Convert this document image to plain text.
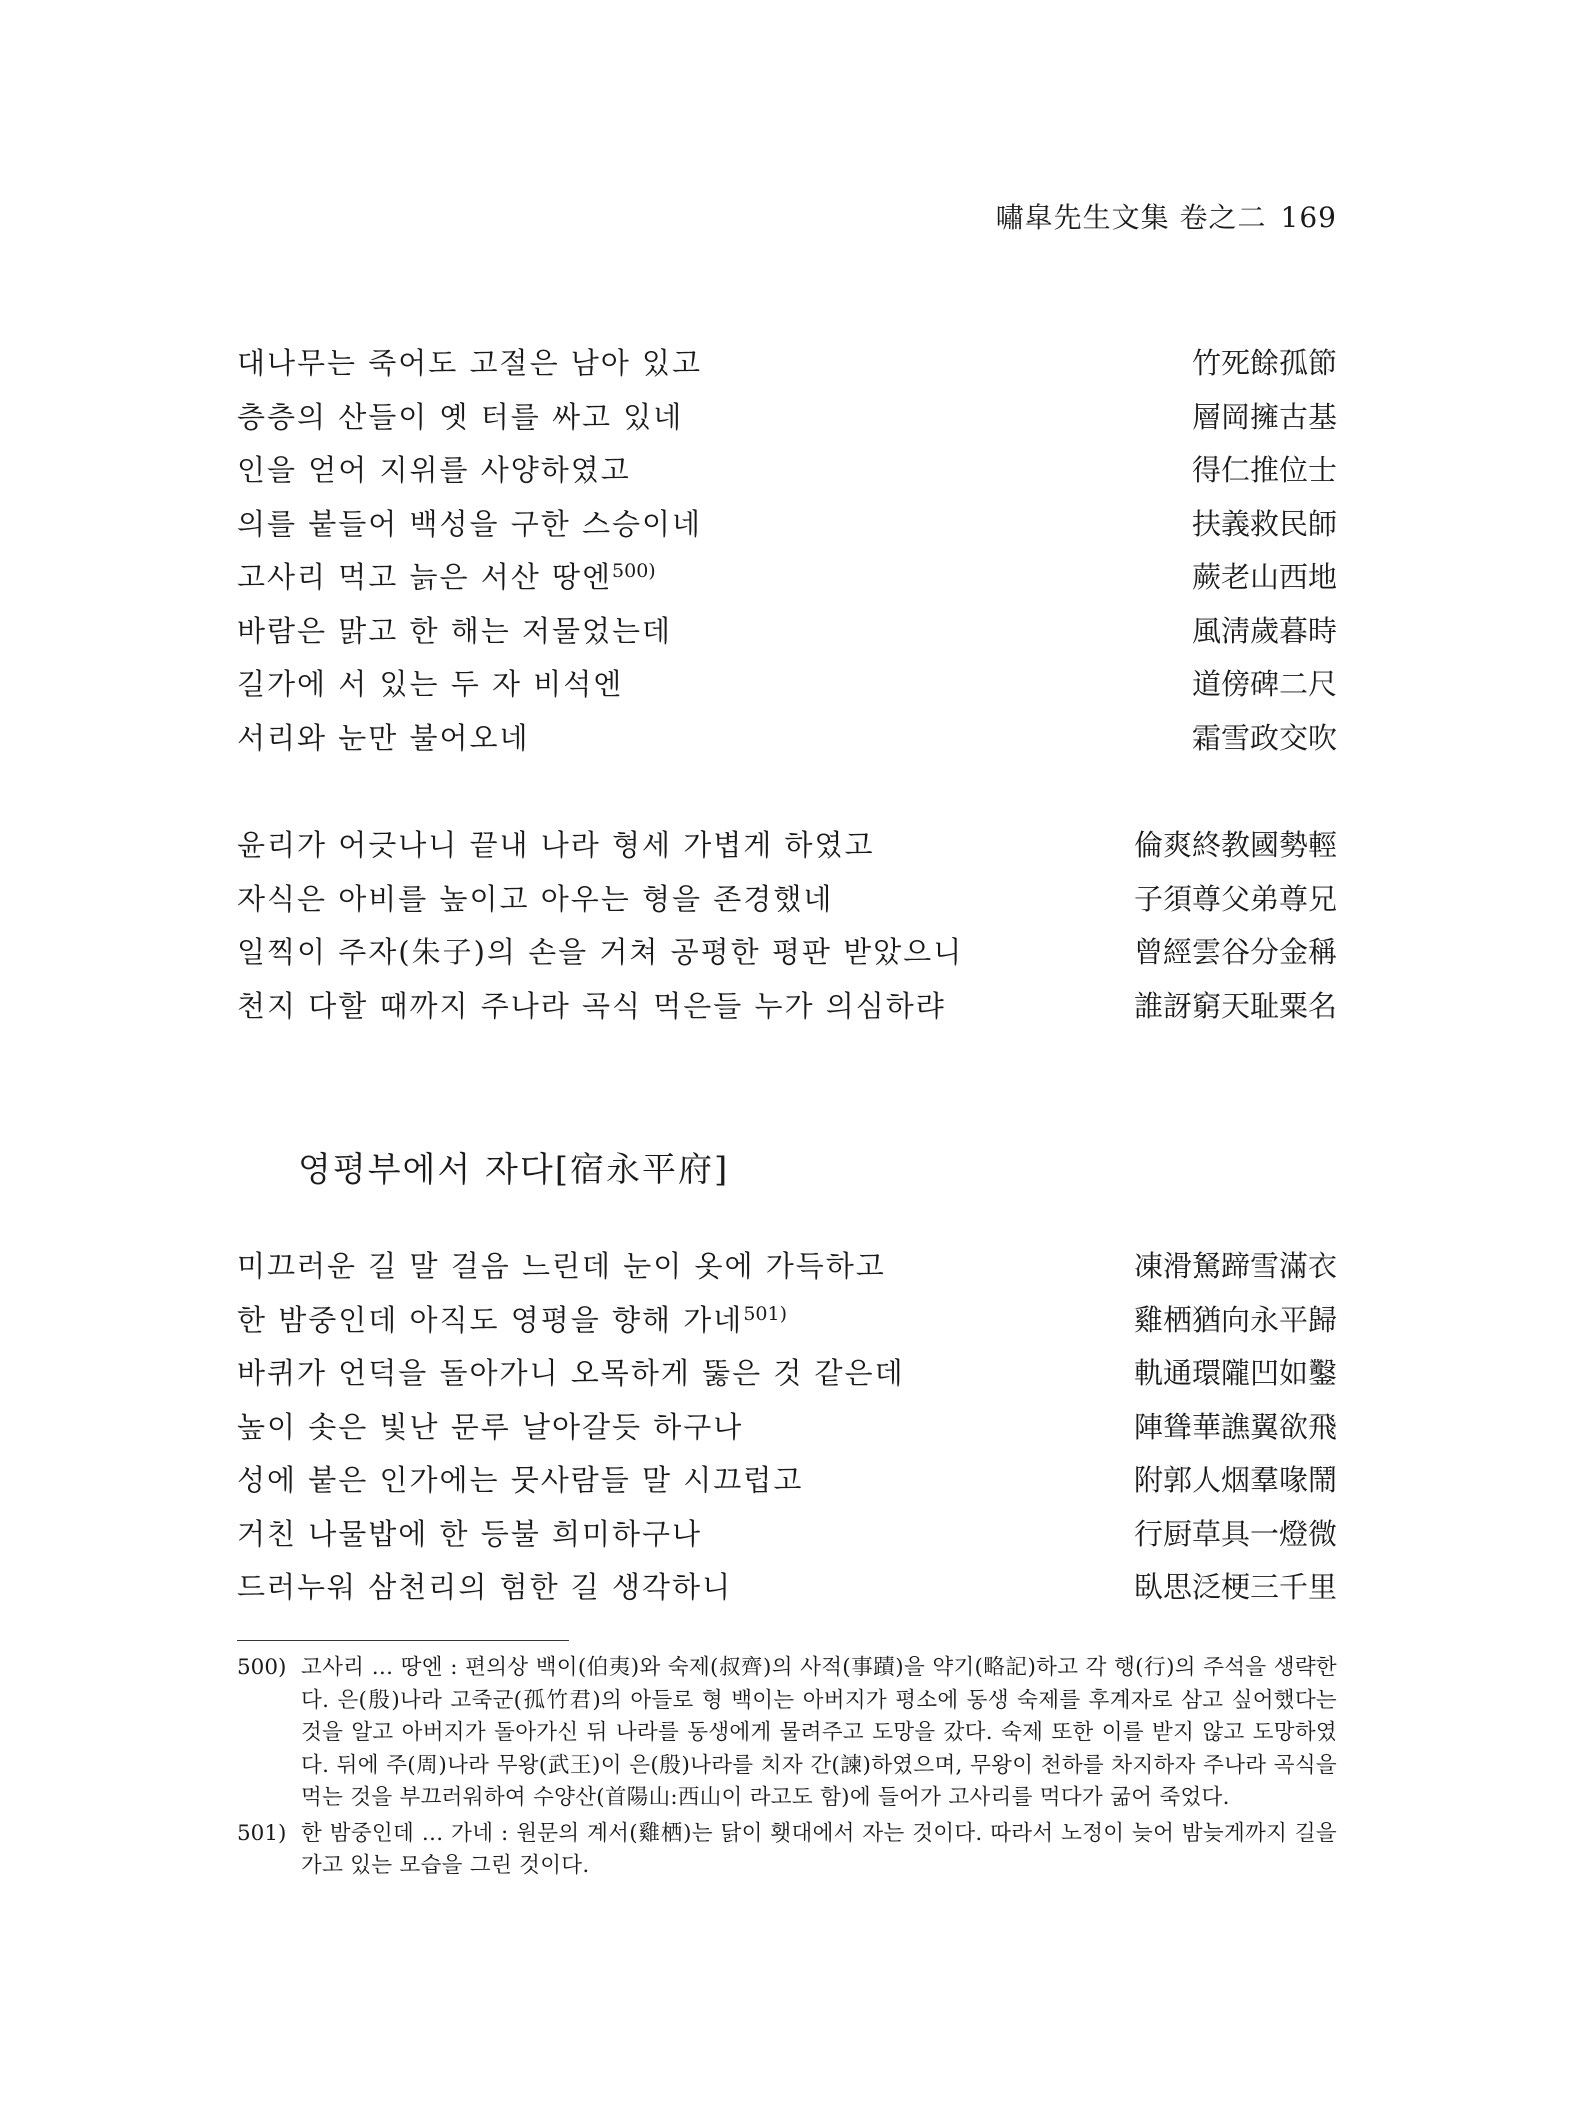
嘯皐先生文集 卷之二 169
대나무는 죽어도 고절은 남아 있고	竹死餘孤節
층층의 산들이 옛 터를 싸고 있네	層岡擁古基
인을 얻어 지위를 사양하였고	得仁推位士
의를 붙들어 백성을 구한 스승이네	扶義救民師
고사리 먹고 늙은 서산 땅엔$^{500)}$	蕨老山西地
바람은 맑고 한 해는 저물었는데	風淸歲暮時
길가에 서 있는 두 자 비석엔	道傍碑二尺
서리와 눈만 불어오네	霜雪政交吹
윤리가 어긋나니 끝내 나라 형세 가볍게 하였고	倫爽終教國勢輕
자식은 아비를 높이고 아우는 형을 존경했네	子須尊父弟尊兄
일찍이 주자(朱子)의 손을 거쳐 공평한 평판 받았으니	曾經雲谷分金稱
천지 다할 때까지 주나라 곡식 먹은들 누가 의심하랴	誰訝窮天耻粟名
영평부에서 자다[宿永平府]
미끄러운 길 말 걸음 느린데 눈이 옷에 가득하고	凍滑駑蹄雪滿衣
한 밤중인데 아직도 영평을 향해 가네$^{501)}$	雞栖猶向永平歸
바퀴가 언덕을 돌아가니 오목하게 뚫은 것 같은데	軌通環隴凹如鑿
높이 솟은 빛난 문루 날아갈듯 하구나	陣聳華譙翼欲飛
성에 붙은 인가에는 뭇사람들 말 시끄럽고	附郭人烟羣喙鬧
거친 나물밥에 한 등불 희미하구나	行厨草具一燈微
드러누워 삼천리의 험한 길 생각하니	臥思泛梗三千里
500) 고사리 … 땅엔 : 편의상 백이(伯夷)와 숙제(叔齊)의 사적(事蹟)을 약기(略記)하고 각 행(行)의 주석을 생략한다. 은(殷)나라 고죽군(孤竹君)의 아들로 형 백이는 아버지가 평소에 동생 숙제를 후계자로 삼고 싶어했다는 것을 알고 아버지가 돌아가신 뒤 나라를 동생에게 물려주고 도망을 갔다. 숙제 또한 이를 받지 않고 도망하였다. 뒤에 주(周)나라 무왕(武王)이 은(殷)나라를 치자 간(諫)하였으며, 무왕이 천하를 차지하자 주나라 곡식을 먹는 것을 부끄러워하여 수양산(首陽山:西山이 라고도 함)에 들어가 고사리를 먹다가 굶어 죽었다.
501) 한 밤중인데 … 가네 : 원문의 계서(雞栖)는 닭이 횃대에서 자는 것이다. 따라서 노정이 늦어 밤늦게까지 길을 가고 있는 모습을 그린 것이다.
